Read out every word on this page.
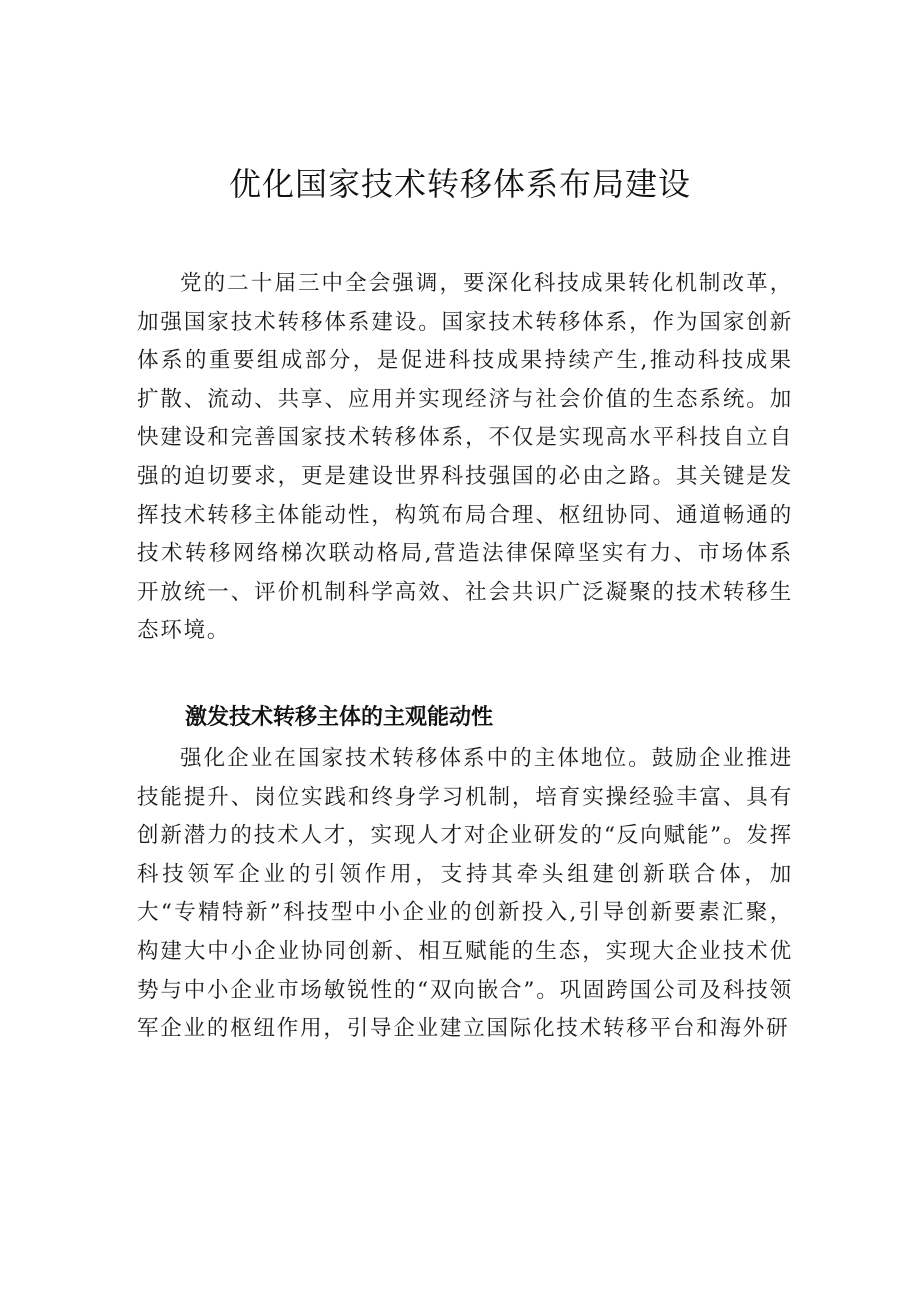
优化国家技术转移体系布局建设

党的二十届三中全会强调，要深化科技成果转化机制改革，加强国家技术转移体系建设。国家技术转移体系，作为国家创新体系的重要组成部分，是促进科技成果持续产生,推动科技成果扩散、流动、共享、应用并实现经济与社会价值的生态系统。加快建设和完善国家技术转移体系，不仅是实现高水平科技自立自强的迫切要求，更是建设世界科技强国的必由之路。其关键是发挥技术转移主体能动性，构筑布局合理、枢纽协同、通道畅通的技术转移网络梯次联动格局,营造法律保障坚实有力、市场体系开放统一、评价机制科学高效、社会共识广泛凝聚的技术转移生态环境。

激发技术转移主体的主观能动性

强化企业在国家技术转移体系中的主体地位。鼓励企业推进技能提升、岗位实践和终身学习机制，培育实操经验丰富、具有创新潜力的技术人才，实现人才对企业研发的“反向赋能”。发挥科技领军企业的引领作用，支持其牵头组建创新联合体，加大“专精特新”科技型中小企业的创新投入,引导创新要素汇聚，构建大中小企业协同创新、相互赋能的生态，实现大企业技术优势与中小企业市场敏锐性的“双向嵌合”。巩固跨国公司及科技领军企业的枢纽作用，引导企业建立国际化技术转移平台和海外研
